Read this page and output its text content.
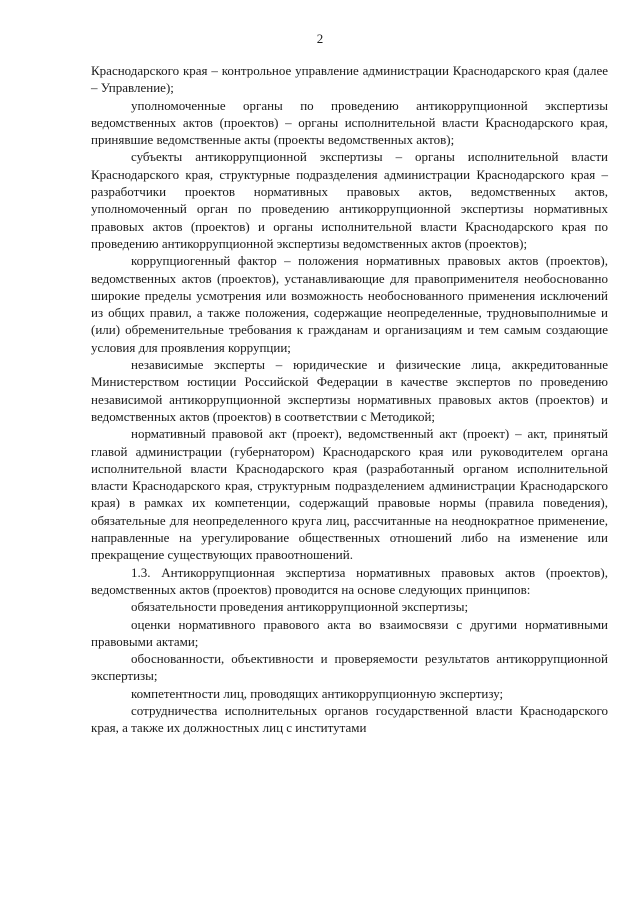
2

Краснодарского края – контрольное управление администрации Краснодарского края (далее – Управление);

уполномоченные органы по проведению антикоррупционной экспертизы ведомственных актов (проектов) – органы исполнительной власти Краснодарского края, принявшие ведомственные акты (проекты ведомственных актов);

субъекты антикоррупционной экспертизы – органы исполнительной власти Краснодарского края, структурные подразделения администрации Краснодарского края – разработчики проектов нормативных правовых актов, ведомственных актов, уполномоченный орган по проведению антикоррупционной экспертизы нормативных правовых актов (проектов) и органы исполнительной власти Краснодарского края по проведению антикоррупционной экспертизы ведомственных актов (проектов);

коррупциогенный фактор – положения нормативных правовых актов (проектов), ведомственных актов (проектов), устанавливающие для правоприменителя необоснованно широкие пределы усмотрения или возможность необоснованного применения исключений из общих правил, а также положения, содержащие неопределенные, трудновыполнимые и (или) обременительные требования к гражданам и организациям и тем самым создающие условия для проявления коррупции;

независимые эксперты – юридические и физические лица, аккредитованные Министерством юстиции Российской Федерации в качестве экспертов по проведению независимой антикоррупционной экспертизы нормативных правовых актов (проектов) и ведомственных актов (проектов) в соответствии с Методикой;

нормативный правовой акт (проект), ведомственный акт (проект) – акт, принятый главой администрации (губернатором) Краснодарского края или руководителем органа исполнительной власти Краснодарского края (разработанный органом исполнительной власти Краснодарского края, структурным подразделением администрации Краснодарского края) в рамках их компетенции, содержащий правовые нормы (правила поведения), обязательные для неопределенного круга лиц, рассчитанные на неоднократное применение, направленные на урегулирование общественных отношений либо на изменение или прекращение существующих правоотношений.

1.3. Антикоррупционная экспертиза нормативных правовых актов (проектов), ведомственных актов (проектов) проводится на основе следующих принципов:

обязательности проведения антикоррупционной экспертизы;

оценки нормативного правового акта во взаимосвязи с другими нормативными правовыми актами;

обоснованности, объективности и проверяемости результатов антикоррупционной экспертизы;

компетентности лиц, проводящих антикоррупционную экспертизу;

сотрудничества исполнительных органов государственной власти Краснодарского края, а также их должностных лиц с институтами
